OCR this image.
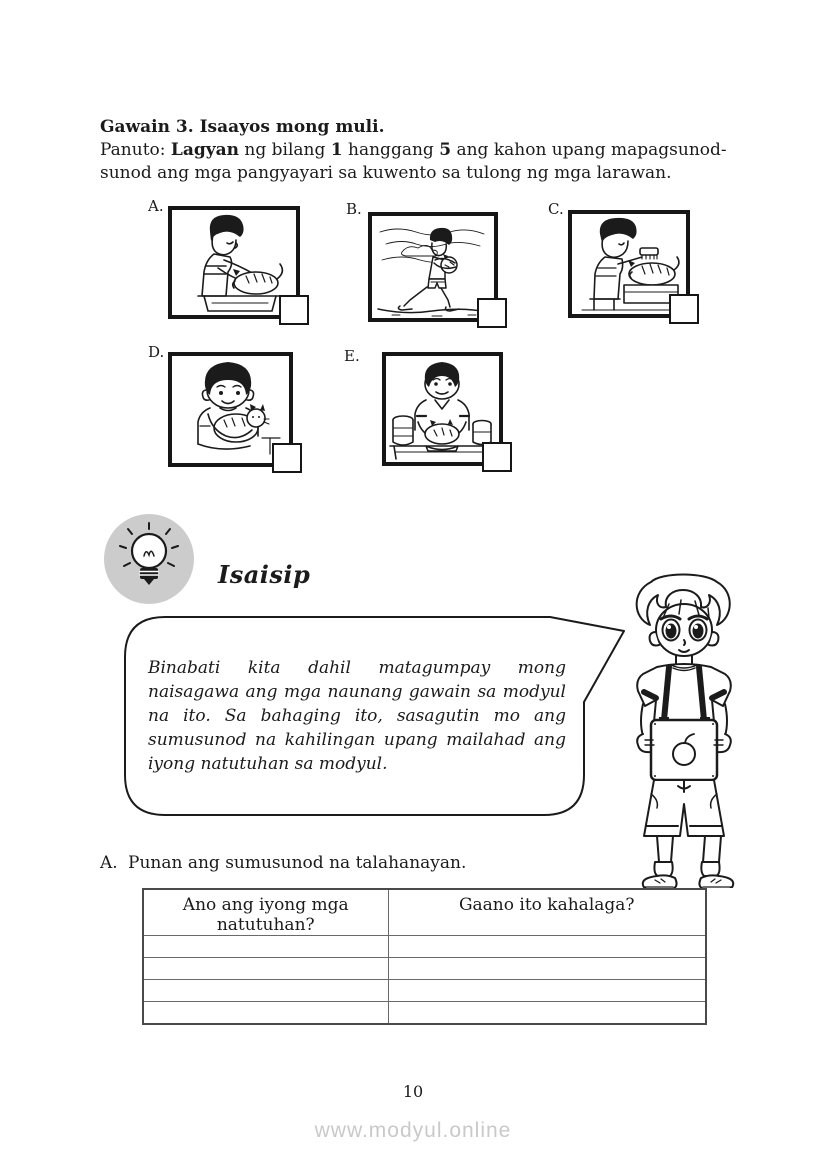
Gawain 3. Isaayos mong muli.

Panuto: Lagyan ng bilang 1 hanggang 5 ang kahon upang mapagsunod-sunod ang mga pangyayari sa kuwento sa tulong ng mga larawan.

A.	B.	C.
D.	E.
Isaisip
Binabati kita dahil matagumpay mong naisagawa ang mga naunang gawain sa modyul na ito. Sa bahaging ito, sasagutin mo ang sumusunod na kahilingan upang mailahad ang iyong natutuhan sa modyul.
A. Punan ang sumusunod na talahanayan.
Ano ang iyong mga natutuhan?	Gaano ito kahalaga?

10
www.modyul.online
